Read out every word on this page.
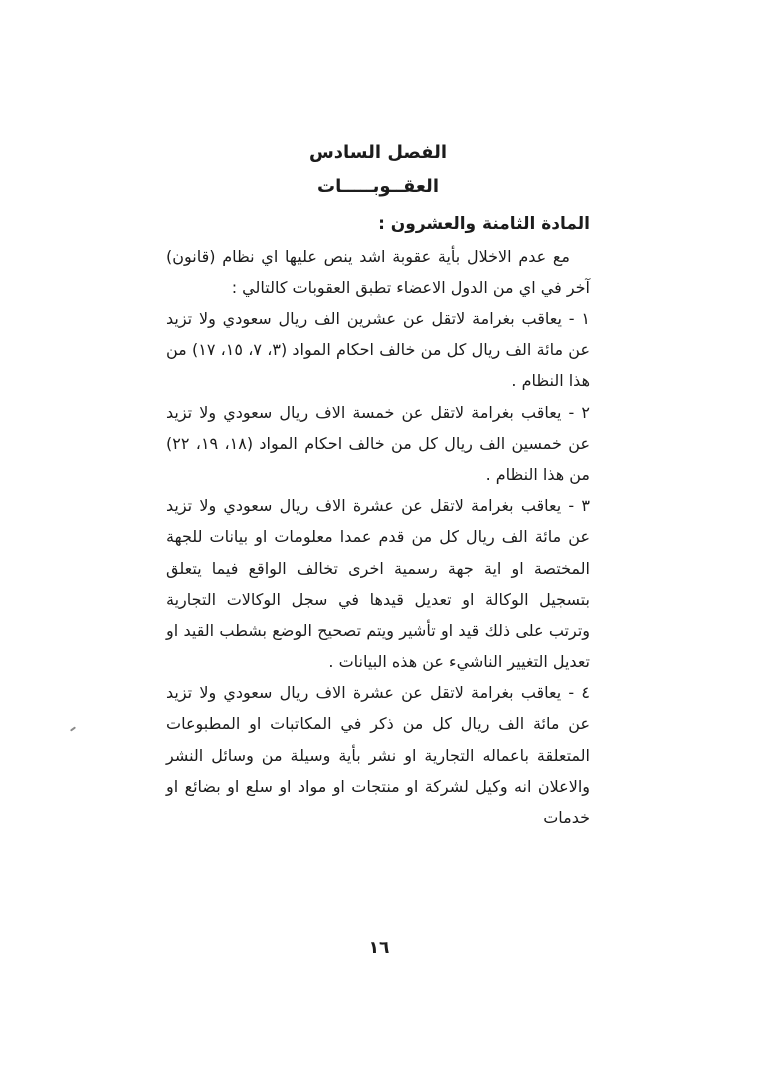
الفصل السادس
العقــوبـــــات
المادة الثامنة والعشرون :

مع عدم الاخلال بأية عقوبة اشد ينص عليها اي نظام (قانون) آخر في اي من الدول الاعضاء تطبق العقوبات كالتالي :

١ - يعاقب بغرامة لاتقل عن عشرين الف ريال سعودي ولا تزيد عن مائة الف ريال كل من خالف احكام المواد (٣، ٧، ١٥، ١٧) من هذا النظام .

٢ - يعاقب بغرامة لاتقل عن خمسة الاف ريال سعودي ولا تزيد عن خمسين الف ريال كل من خالف احكام المواد (١٨، ١٩، ٢٢) من هذا النظام .

٣ - يعاقب بغرامة لاتقل عن عشرة الاف ريال سعودي ولا تزيد عن مائة الف ريال كل من قدم عمدا معلومات او بيانات للجهة المختصة او اية جهة رسمية اخرى تخالف الواقع فيما يتعلق بتسجيل الوكالة او تعديل قيدها في سجل الوكالات التجارية وترتب على ذلك قيد او تأشير ويتم تصحيح الوضع بشطب القيد او تعديل التغيير الناشيء عن هذه البيانات .

٤ - يعاقب بغرامة لاتقل عن عشرة الاف ريال سعودي ولا تزيد عن مائة الف ريال كل من ذكر في المكاتبات او المطبوعات المتعلقة باعماله التجارية او نشر بأية وسيلة من وسائل النشر والاعلان انه وكيل لشركة او منتجات او مواد او سلع او بضائع او خدمات

١٦
